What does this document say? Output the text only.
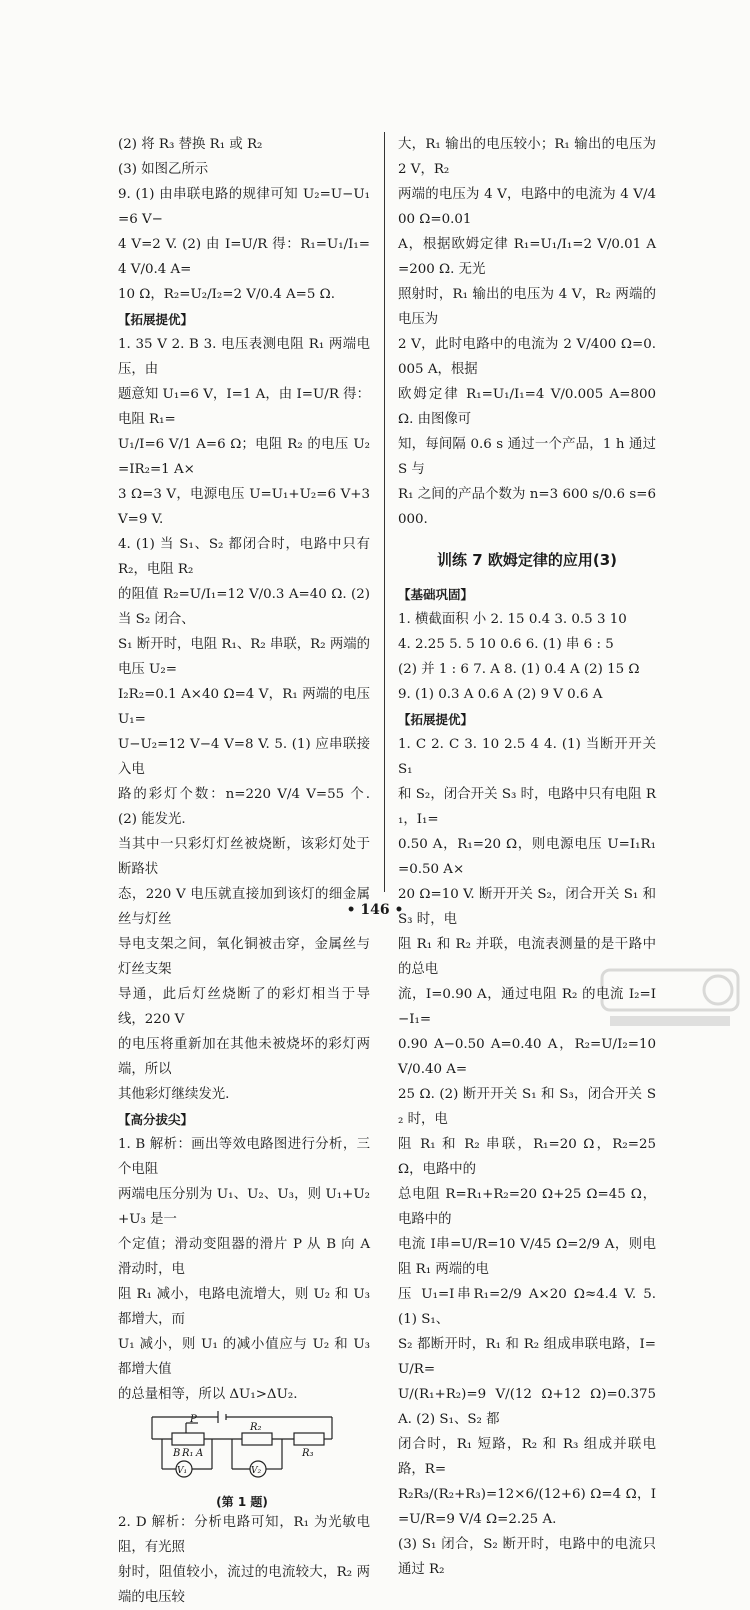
(2) 将 R₃ 替换 R₁ 或 R₂

(3) 如图乙所示

9. (1) 由串联电路的规律可知 U₂=U−U₁=6 V−

4 V=2 V. (2) 由 I=U/R 得：R₁=U₁/I₁=4 V/0.4 A=

10 Ω，R₂=U₂/I₂=2 V/0.4 A=5 Ω.

【拓展提优】

1. 35 V 2. B 3. 电压表测电阻 R₁ 两端电压，由

题意知 U₁=6 V，I=1 A，由 I=U/R 得：电阻 R₁=

U₁/I=6 V/1 A=6 Ω；电阻 R₂ 的电压 U₂=IR₂=1 A×

3 Ω=3 V，电源电压 U=U₁+U₂=6 V+3 V=9 V.

4. (1) 当 S₁、S₂ 都闭合时，电路中只有 R₂，电阻 R₂

的阻值 R₂=U/I₁=12 V/0.3 A=40 Ω. (2) 当 S₂ 闭合、

S₁ 断开时，电阻 R₁、R₂ 串联，R₂ 两端的电压 U₂=

I₂R₂=0.1 A×40 Ω=4 V，R₁ 两端的电压 U₁=

U−U₂=12 V−4 V=8 V. 5. (1) 应串联接入电

路的彩灯个数：n=220 V/4 V=55 个. (2) 能发光.

当其中一只彩灯灯丝被烧断，该彩灯处于断路状

态，220 V 电压就直接加到该灯的细金属丝与灯丝

导电支架之间，氧化铜被击穿，金属丝与灯丝支架

导通，此后灯丝烧断了的彩灯相当于导线，220 V

的电压将重新加在其他未被烧坏的彩灯两端，所以

其他彩灯继续发光.

【高分拔尖】

1. B 解析：画出等效电路图进行分析，三个电阻

两端电压分别为 U₁、U₂、U₃，则 U₁+U₂+U₃ 是一

个定值；滑动变阻器的滑片 P 从 B 向 A 滑动时，电

阻 R₁ 减小，电路电流增大，则 U₂ 和 U₃ 都增大，而

U₁ 减小，则 U₁ 的减小值应与 U₂ 和 U₃ 都增大值

的总量相等，所以 ΔU₁>ΔU₂.

P
B R₁ A
R₂
R₃
V₁	V₂
(第 1 题)

2. D 解析：分析电路可知，R₁ 为光敏电阻，有光照

射时，阻值较小，流过的电流较大，R₂ 两端的电压较

大，R₁ 输出的电压较小；R₁ 输出的电压为 2 V，R₂

两端的电压为 4 V，电路中的电流为 4 V/400 Ω=0.01

A，根据欧姆定律 R₁=U₁/I₁=2 V/0.01 A=200 Ω. 无光

照射时，R₁ 输出的电压为 4 V，R₂ 两端的电压为

2 V，此时电路中的电流为 2 V/400 Ω=0.005 A，根据

欧姆定律 R₁=U₁/I₁=4 V/0.005 A=800 Ω. 由图像可

知，每间隔 0.6 s 通过一个产品，1 h 通过 S 与

R₁ 之间的产品个数为 n=3 600 s/0.6 s=6 000.

训练 7 欧姆定律的应用(3)

【基础巩固】

1. 横截面积 小 2. 15 0.4 3. 0.5 3 10

4. 2.25 5. 5 10 0.6 6. (1) 串 6 : 5

(2) 并 1 : 6 7. A 8. (1) 0.4 A (2) 15 Ω

9. (1) 0.3 A 0.6 A (2) 9 V 0.6 A

【拓展提优】

1. C 2. C 3. 10 2.5 4 4. (1) 当断开开关 S₁

和 S₂，闭合开关 S₃ 时，电路中只有电阻 R₁，I₁=

0.50 A，R₁=20 Ω，则电源电压 U=I₁R₁=0.50 A×

20 Ω=10 V. 断开开关 S₂，闭合开关 S₁ 和 S₃ 时，电

阻 R₁ 和 R₂ 并联，电流表测量的是干路中的总电

流，I=0.90 A，通过电阻 R₂ 的电流 I₂=I−I₁=

0.90 A−0.50 A=0.40 A，R₂=U/I₂=10 V/0.40 A=

25 Ω. (2) 断开开关 S₁ 和 S₃，闭合开关 S₂ 时，电

阻 R₁ 和 R₂ 串联，R₁=20 Ω，R₂=25 Ω，电路中的

总电阻 R=R₁+R₂=20 Ω+25 Ω=45 Ω，电路中的

电流 I串=U/R=10 V/45 Ω=2/9 A，则电阻 R₁ 两端的电

压 U₁=I串R₁=2/9 A×20 Ω≈4.4 V. 5. (1) S₁、

S₂ 都断开时，R₁ 和 R₂ 组成串联电路，I=U/R=

U/(R₁+R₂)=9 V/(12 Ω+12 Ω)=0.375 A. (2) S₁、S₂ 都

闭合时，R₁ 短路，R₂ 和 R₃ 组成并联电路，R=

R₂R₃/(R₂+R₃)=12×6/(12+6) Ω=4 Ω，I=U/R=9 V/4 Ω=2.25 A.

(3) S₁ 闭合，S₂ 断开时，电路中的电流只通过 R₂

• 146 •
